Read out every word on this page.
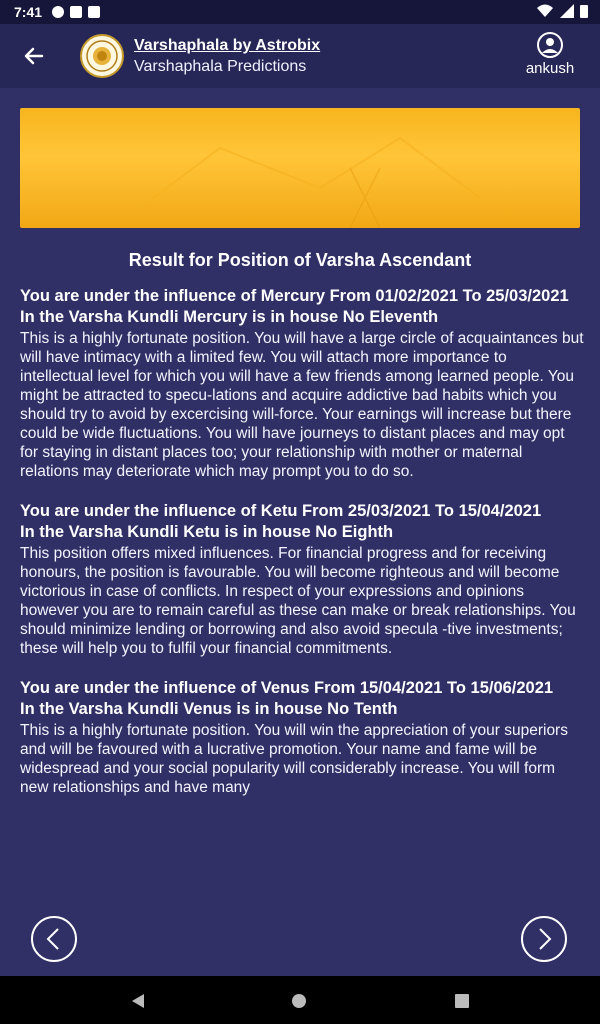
7:41
Varshaphala by Astrobix
Varshaphala Predictions	ankush
Result for Position of Varsha Ascendant
You are under the influence of Mercury From 01/02/2021 To 25/03/2021
In the Varsha Kundli Mercury is in house No Eleventh
This is a highly fortunate position. You will have a large circle of acquaintances but will have intimacy with a limited few. You will attach more importance to intellectual level for which you will have a few friends among learned people. You might be attracted to specu-lations and acquire addictive bad habits which you should try to avoid by excercising will-force. Your earnings will increase but there could be wide fluctuations. You will have journeys to distant places and may opt for staying in distant places too; your relationship with mother or maternal relations may deteriorate which may prompt you to do so.
You are under the influence of Ketu From 25/03/2021 To 15/04/2021
In the Varsha Kundli Ketu is in house No Eighth
This position offers mixed influences. For financial progress and for receiving honours, the position is favourable. You will become righteous and will become victorious in case of conflicts. In respect of your expressions and opinions however you are to remain careful as these can make or break relationships. You should minimize lending or borrowing and also avoid specula -tive investments; these will help you to fulfil your financial commitments.
You are under the influence of Venus From 15/04/2021 To 15/06/2021
In the Varsha Kundli Venus is in house No Tenth
This is a highly fortunate position. You will win the appreciation of your superiors and will be favoured with a lucrative promotion. Your name and fame will be widespread and your social popularity will considerably increase. You will form new relationships and have many
